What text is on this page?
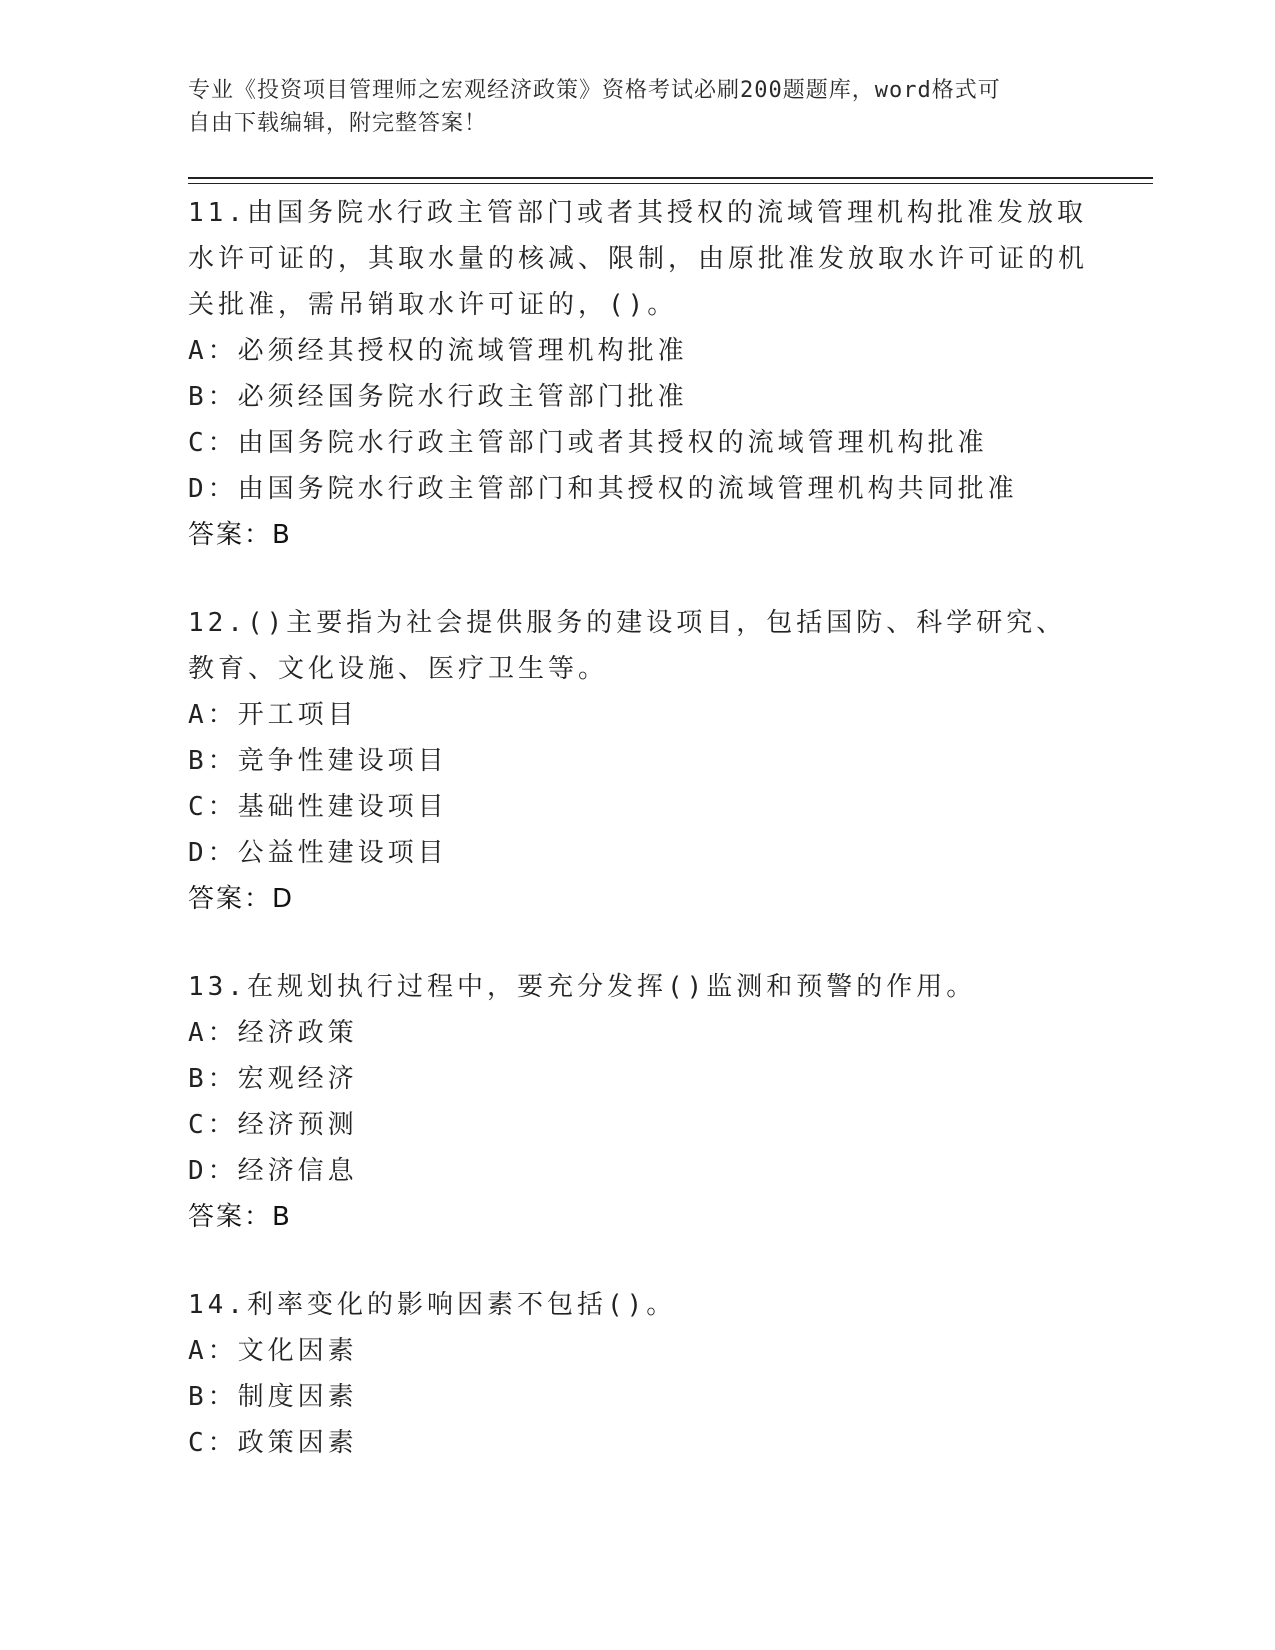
专业《投资项目管理师之宏观经济政策》资格考试必刷200题题库，word格式可

自由下载编辑，附完整答案！

11.由国务院水行政主管部门或者其授权的流域管理机构批准发放取水许可证的，其取水量的核减、限制，由原批准发放取水许可证的机关批准，需吊销取水许可证的，()。

A：必须经其授权的流域管理机构批准

B：必须经国务院水行政主管部门批准

C：由国务院水行政主管部门或者其授权的流域管理机构批准

D：由国务院水行政主管部门和其授权的流域管理机构共同批准

答案：B

12.()主要指为社会提供服务的建设项目，包括国防、科学研究、教育、文化设施、医疗卫生等。

A：开工项目

B：竞争性建设项目

C：基础性建设项目

D：公益性建设项目

答案：D

13.在规划执行过程中，要充分发挥()监测和预警的作用。

A：经济政策

B：宏观经济

C：经济预测

D：经济信息

答案：B

14.利率变化的影响因素不包括()。

A：文化因素

B：制度因素

C：政策因素
